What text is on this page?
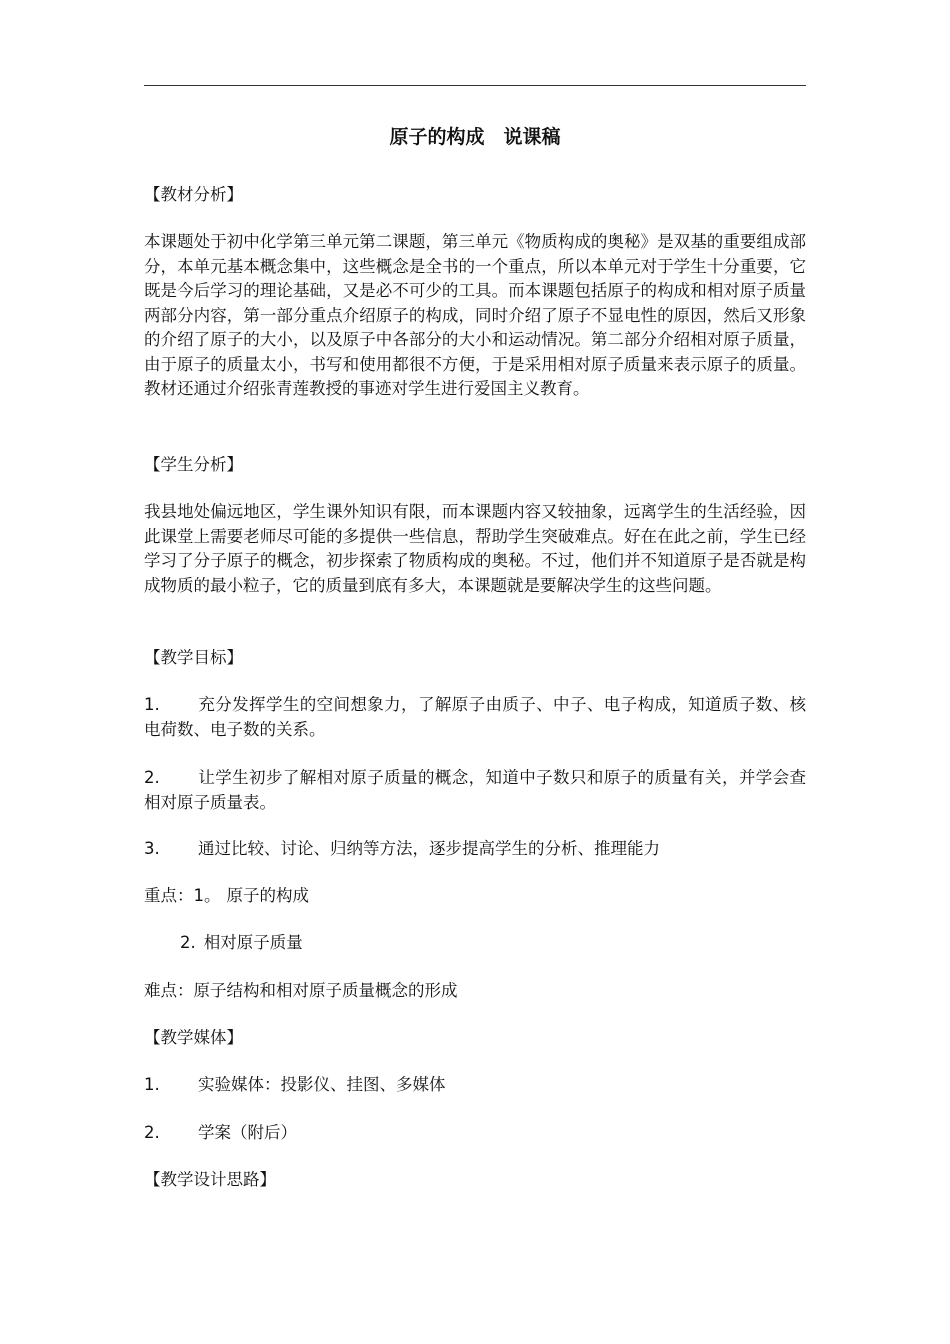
原子的构成　说课稿
【教材分析】
本课题处于初中化学第三单元第二课题，第三单元《物质构成的奥秘》是双基的重要组成部分，本单元基本概念集中，这些概念是全书的一个重点，所以本单元对于学生十分重要，它既是今后学习的理论基础，又是必不可少的工具。而本课题包括原子的构成和相对原子质量两部分内容，第一部分重点介绍原子的构成，同时介绍了原子不显电性的原因，然后又形象的介绍了原子的大小，以及原子中各部分的大小和运动情况。第二部分介绍相对原子质量，由于原子的质量太小，书写和使用都很不方便，于是采用相对原子质量来表示原子的质量。教材还通过介绍张青莲教授的事迹对学生进行爱国主义教育。
【学生分析】
我县地处偏远地区，学生课外知识有限，而本课题内容又较抽象，远离学生的生活经验，因此课堂上需要老师尽可能的多提供一些信息，帮助学生突破难点。好在在此之前，学生已经学习了分子原子的概念，初步探索了物质构成的奥秘。不过，他们并不知道原子是否就是构成物质的最小粒子，它的质量到底有多大，本课题就是要解决学生的这些问题。
【教学目标】
1. 充分发挥学生的空间想象力，了解原子由质子、中子、电子构成，知道质子数、核电荷数、电子数的关系。
2. 让学生初步了解相对原子质量的概念，知道中子数只和原子的质量有关，并学会查相对原子质量表。
3. 通过比较、讨论、归纳等方法，逐步提高学生的分析、推理能力
重点：1。 原子的构成
2. 相对原子质量
难点：原子结构和相对原子质量概念的形成
【教学媒体】
1. 实验媒体：投影仪、挂图、多媒体
2. 学案（附后）
【教学设计思路】
